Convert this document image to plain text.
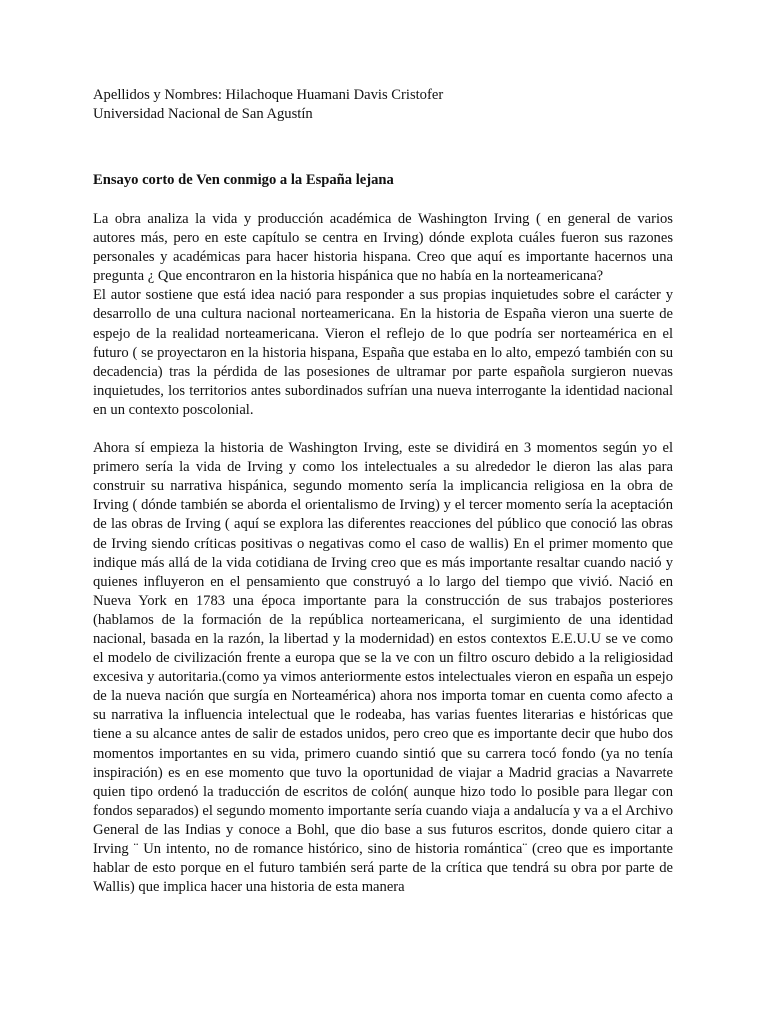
Apellidos y Nombres: Hilachoque Huamani Davis Cristofer
Universidad Nacional de San Agustín
Ensayo corto de Ven conmigo a la España lejana

La obra analiza la vida y producción académica de Washington Irving ( en general de varios autores más, pero en este capítulo se centra en Irving) dónde explota cuáles fueron sus razones personales y académicas para hacer historia hispana. Creo que aquí es importante hacernos una pregunta ¿ Que encontraron en la historia hispánica que no había en la norteamericana?

El autor sostiene que está idea nació para responder a sus propias inquietudes sobre el carácter y desarrollo de una cultura nacional norteamericana. En la historia de España vieron una suerte de espejo de la realidad norteamericana. Vieron el reflejo de lo que podría ser norteamérica en el futuro ( se proyectaron en la historia hispana, España que estaba en lo alto, empezó también con su decadencia) tras la pérdida de las posesiones de ultramar por parte española surgieron nuevas inquietudes, los territorios antes subordinados sufrían una nueva interrogante la identidad nacional en un contexto poscolonial.

Ahora sí empieza la historia de Washington Irving, este se dividirá en 3 momentos según yo el primero sería la vida de Irving y como los intelectuales a su alrededor le dieron las alas para construir su narrativa hispánica, segundo momento sería la implicancia religiosa en la obra de Irving ( dónde también se aborda el orientalismo de Irving) y el tercer momento sería la aceptación de las obras de Irving ( aquí se explora las diferentes reacciones del público que conoció las obras de Irving siendo críticas positivas o negativas como el caso de wallis) En el primer momento que indique más allá de la vida cotidiana de Irving creo que es más importante resaltar cuando nació y quienes influyeron en el pensamiento que construyó a lo largo del tiempo que vivió. Nació en Nueva York en 1783 una época importante para la construcción de sus trabajos posteriores (hablamos de la formación de la república norteamericana, el surgimiento de una identidad nacional, basada en la razón, la libertad y la modernidad) en estos contextos E.E.U.U se ve como el modelo de civilización frente a europa que se la ve con un filtro oscuro debido a la religiosidad excesiva y autoritaria.(como ya vimos anteriormente estos intelectuales vieron en españa un espejo de la nueva nación que surgía en Norteamérica) ahora nos importa tomar en cuenta como afecto a su narrativa la influencia intelectual que le rodeaba, has varias fuentes literarias e históricas que tiene a su alcance antes de salir de estados unidos, pero creo que es importante decir que hubo dos momentos importantes en su vida, primero cuando sintió que su carrera tocó fondo (ya no tenía inspiración) es en ese momento que tuvo la oportunidad de viajar a Madrid gracias a Navarrete quien tipo ordenó la traducción de escritos de colón( aunque hizo todo lo posible para llegar con fondos separados) el segundo momento importante sería cuando viaja a andalucía y va a el Archivo General de las Indias y conoce a Bohl, que dio base a sus futuros escritos, donde quiero citar a Irving ¨ Un intento, no de romance histórico, sino de historia romántica¨ (creo que es importante hablar de esto porque en el futuro también será parte de la crítica que tendrá su obra por parte de Wallis) que implica hacer una historia de esta manera
